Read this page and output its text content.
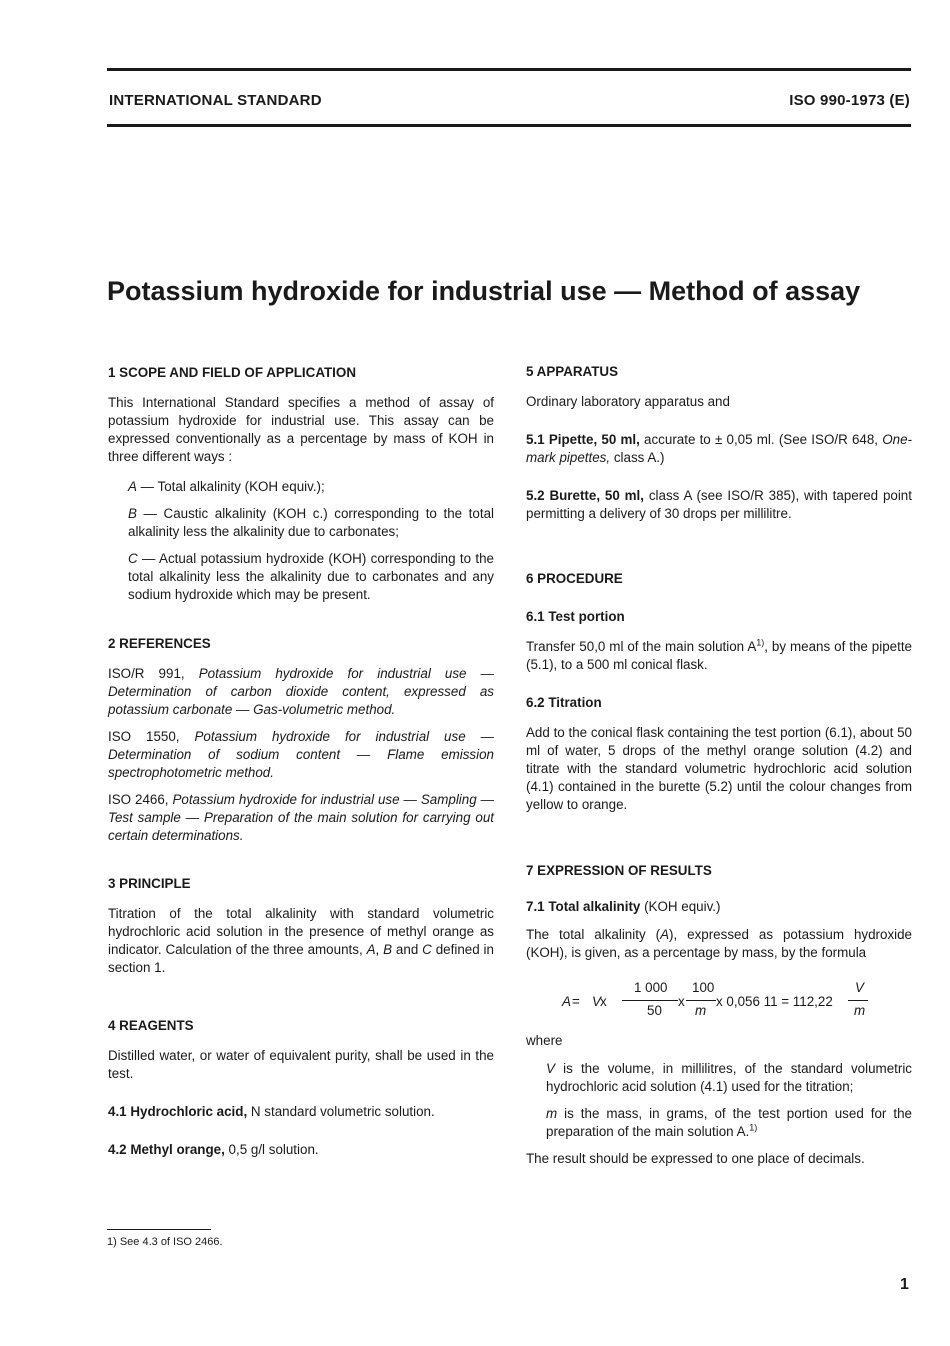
INTERNATIONAL STANDARD	ISO 990-1973 (E)
Potassium hydroxide for industrial use — Method of assay

1 SCOPE AND FIELD OF APPLICATION

This International Standard specifies a method of assay of potassium hydroxide for industrial use. This assay can be expressed conventionally as a percentage by mass of KOH in three different ways :

A — Total alkalinity (KOH equiv.);

B — Caustic alkalinity (KOH c.) corresponding to the total alkalinity less the alkalinity due to carbonates;

C — Actual potassium hydroxide (KOH) corresponding to the total alkalinity less the alkalinity due to carbonates and any sodium hydroxide which may be present.

2 REFERENCES

ISO/R 991, Potassium hydroxide for industrial use — Determination of carbon dioxide content, expressed as potassium carbonate — Gas-volumetric method.

ISO 1550, Potassium hydroxide for industrial use — Determination of sodium content — Flame emission spectrophotometric method.

ISO 2466, Potassium hydroxide for industrial use — Sampling — Test sample — Preparation of the main solution for carrying out certain determinations.

3 PRINCIPLE

Titration of the total alkalinity with standard volumetric hydrochloric acid solution in the presence of methyl orange as indicator. Calculation of the three amounts, A, B and C defined in section 1.

4 REAGENTS

Distilled water, or water of equivalent purity, shall be used in the test.

4.1 Hydrochloric acid, N standard volumetric solution.

4.2 Methyl orange, 0,5 g/l solution.

5 APPARATUS

Ordinary laboratory apparatus and

5.1 Pipette, 50 ml, accurate to ± 0,05 ml. (See ISO/R 648, One-mark pipettes, class A.)

5.2 Burette, 50 ml, class A (see ISO/R 385), with tapered point permitting a delivery of 30 drops per millilitre.

6 PROCEDURE

6.1 Test portion

Transfer 50,0 ml of the main solution $A^{1)}$, by means of the pipette (5.1), to a 500 ml conical flask.

6.2 Titration

Add to the conical flask containing the test portion (6.1), about 50 ml of water, 5 drops of the methyl orange solution (4.2) and titrate with the standard volumetric hydrochloric acid solution (4.1) contained in the burette (5.2) until the colour changes from yellow to orange.

7 EXPRESSION OF RESULTS

7.1 Total alkalinity (KOH equiv.)

The total alkalinity (A), expressed as potassium hydroxide (KOH), is given, as a percentage by mass, by the formula

where

V is the volume, in millilitres, of the standard volumetric hydrochloric acid solution (4.1) used for the titration;

m is the mass, in grams, of the test portion used for the preparation of the main solution A.$^{1)}$

The result should be expressed to one place of decimals.

A = V x
1 000
50
x
100
m
x 0,056 11 = 112,22
V
m
1) See 4.3 of ISO 2466.
1
